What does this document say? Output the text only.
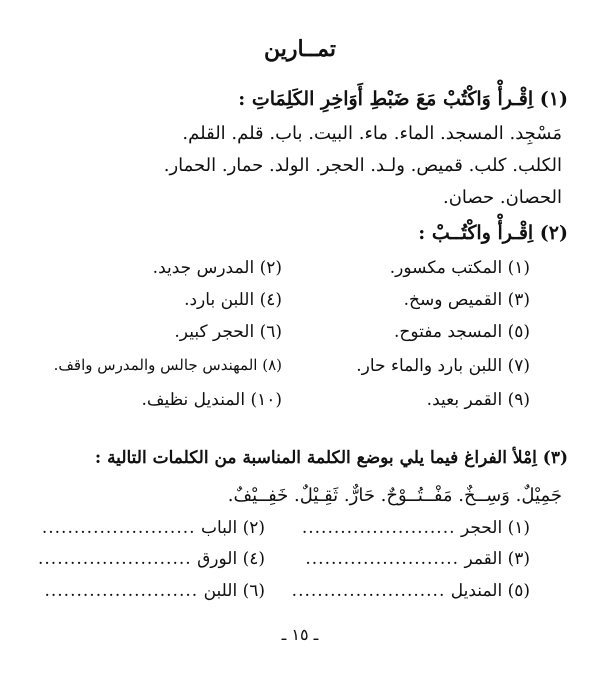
تمــارين
(١) اِقْـرأْ وَاكْتُبْ مَعَ ضَبْطِ أَوَاخِرِ الكَلِمَاتِ :
مَسْجِد. المسجد. الماء. ماء. البيت. باب. قلم. القلم.
الكلب. كلب. قميص. ولـد. الحجر. الولد. حمار. الحمار.
الحصان. حصان.
(٢) اِقْـرأْ واكْتُــبْ :
(١) المكتب مكسور.
(٢) المدرس جديد.
(٣) القميص وسخ.
(٤) اللبن بارد.
(٥) المسجد مفتوح.
(٦) الحجر كبير.
(٧) اللبن بارد والماء حار.
(٨) المهندس جالس والمدرس واقف.
(٩) القمر بعيد.
(١٠) المنديل نظيف.
(٣) اِمْلأ الفراغ فيما يلي بوضع الكلمة المناسبة من الكلمات التالية :
جَمِيْلٌ. وَسِــخٌ. مَفْــتُــوْحٌ. حَارٌّ. ثَقِـيْلٌ. خَفِــيْفٌ.
(١) الحجر ........................
(٢) الباب ........................
(٣) القمر ........................
(٤) الورق ........................
(٥) المنديل ........................
(٦) اللبن ........................
ـ ١٥ ـ
